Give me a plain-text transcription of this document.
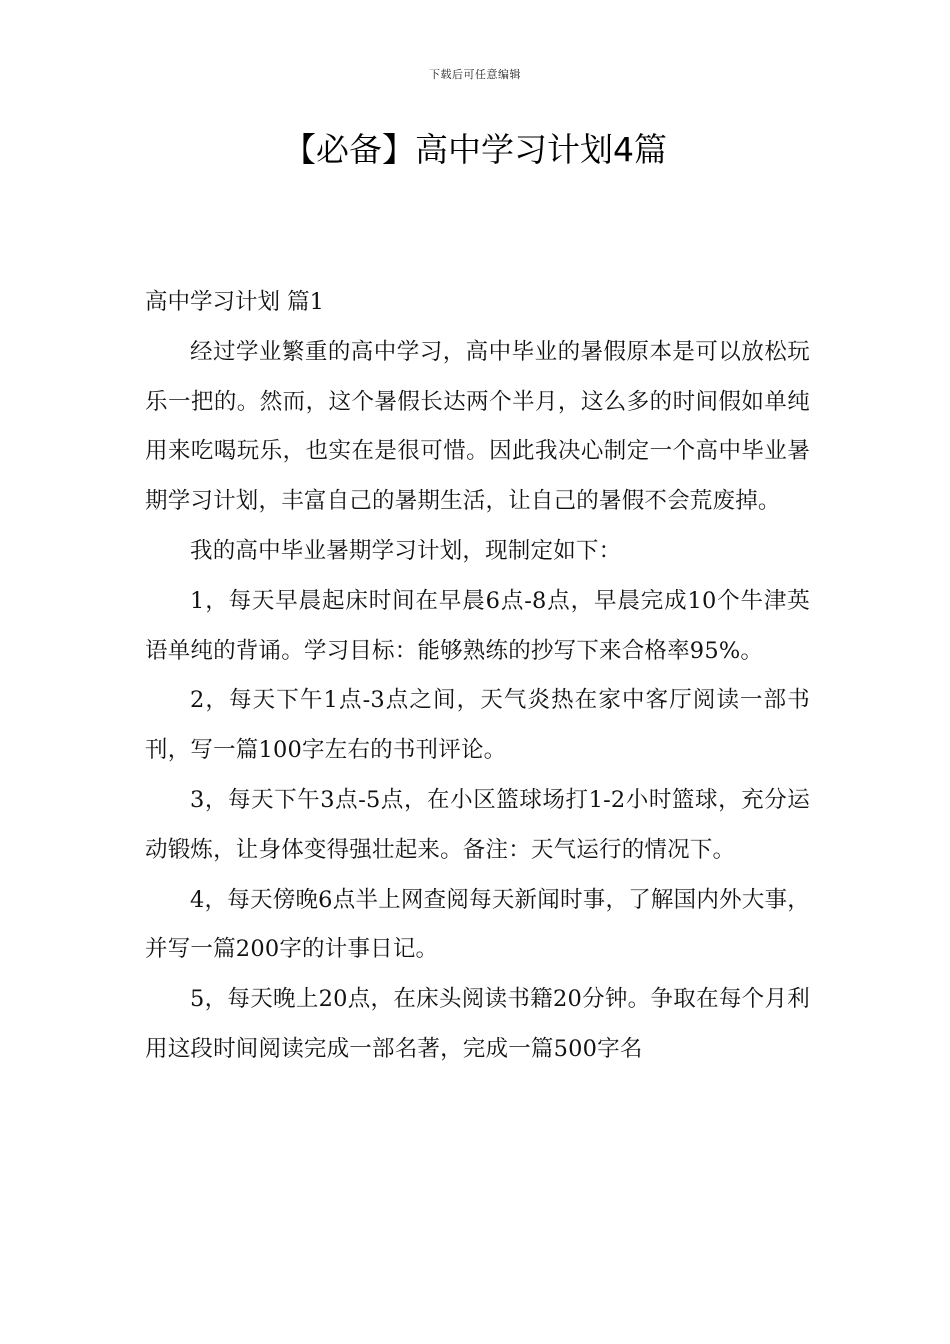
下载后可任意编辑
【必备】高中学习计划4篇
高中学习计划 篇1

经过学业繁重的高中学习，高中毕业的暑假原本是可以放松玩乐一把的。然而，这个暑假长达两个半月，这么多的时间假如单纯用来吃喝玩乐，也实在是很可惜。因此我决心制定一个高中毕业暑期学习计划，丰富自己的暑期生活，让自己的暑假不会荒废掉。

我的高中毕业暑期学习计划，现制定如下：

1，每天早晨起床时间在早晨6点-8点，早晨完成10个牛津英语单纯的背诵。学习目标：能够熟练的抄写下来合格率95%。

2，每天下午1点-3点之间，天气炎热在家中客厅阅读一部书刊，写一篇100字左右的书刊评论。

3，每天下午3点-5点，在小区篮球场打1-2小时篮球，充分运动锻炼，让身体变得强壮起来。备注：天气运行的情况下。

4，每天傍晚6点半上网查阅每天新闻时事，了解国内外大事，并写一篇200字的计事日记。

5，每天晚上20点，在床头阅读书籍20分钟。争取在每个月利用这段时间阅读完成一部名著，完成一篇500字名
